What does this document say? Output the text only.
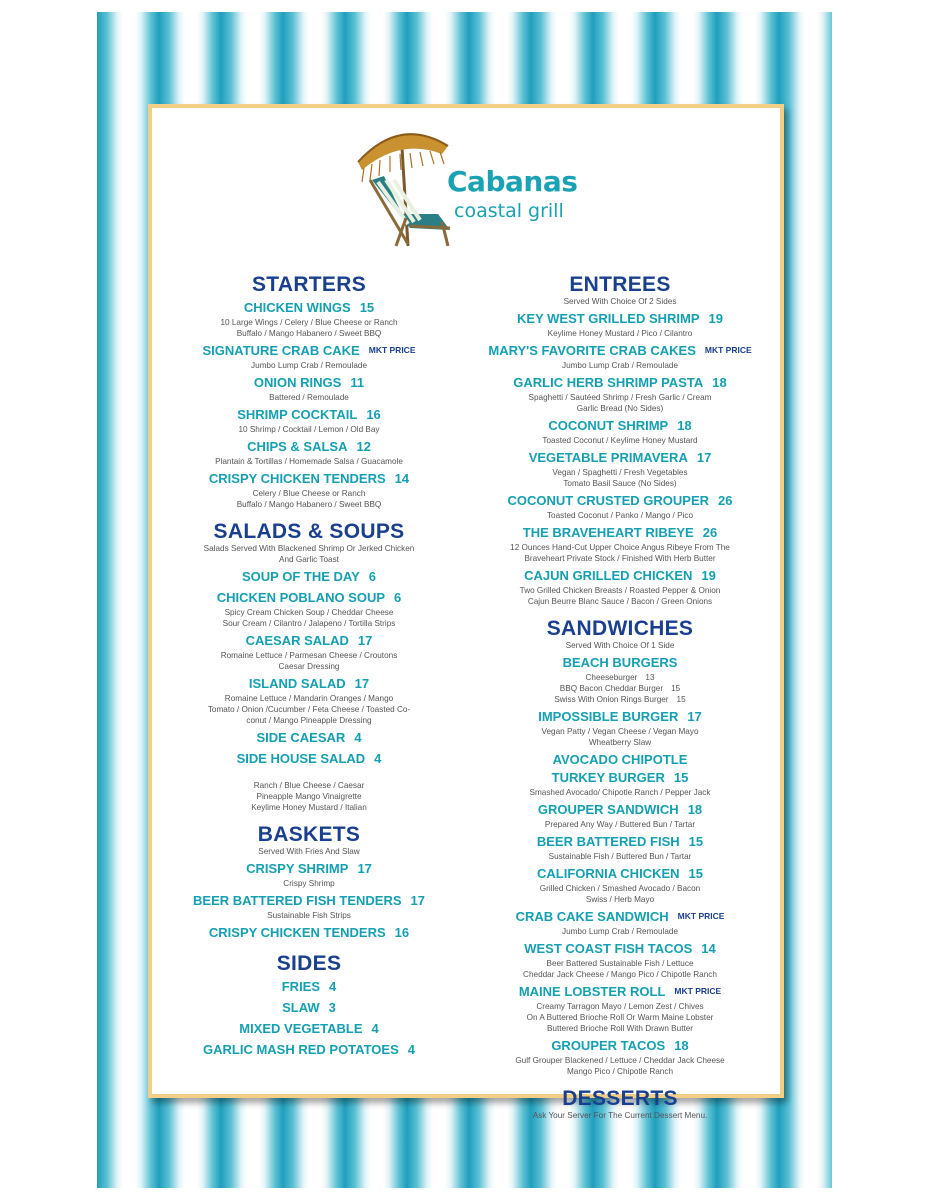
Cabanas
coastal grill
STARTERS
CHICKEN WINGS 15
10 Large Wings / Celery / Blue Cheese or Ranch
Buffalo / Mango Habanero / Sweet BBQ
SIGNATURE CRAB CAKE MKT PRICE
Jumbo Lump Crab / Remoulade
ONION RINGS 11
Battered / Remoulade
SHRIMP COCKTAIL 16
10 Shrimp / Cocktail / Lemon / Old Bay
CHIPS & SALSA 12
Plantain & Tortillas / Homemade Salsa / Guacamole
CRISPY CHICKEN TENDERS 14
Celery / Blue Cheese or Ranch
Buffalo / Mango Habanero / Sweet BBQ
SALADS & SOUPS
Salads Served With Blackened Shrimp Or Jerked Chicken
And Garlic Toast
SOUP OF THE DAY 6
CHICKEN POBLANO SOUP 6
Spicy Cream Chicken Soup / Cheddar Cheese
Sour Cream / Cilantro / Jalapeno / Tortilla Strips
CAESAR SALAD 17
Romaine Lettuce / Parmesan Cheese / Croutons
Caesar Dressing
ISLAND SALAD 17
Romaine Lettuce / Mandarin Oranges / Mango
Tomato / Onion /Cucumber / Feta Cheese / Toasted Co-
conut / Mango Pineapple Dressing
SIDE CAESAR 4
SIDE HOUSE SALAD 4
Ranch / Blue Cheese / Caesar
Pineapple Mango Vinaigrette
Keylime Honey Mustard / Italian
BASKETS
Served With Fries And Slaw
CRISPY SHRIMP 17
Crispy Shrimp
BEER BATTERED FISH TENDERS 17
Sustainable Fish Strips
CRISPY CHICKEN TENDERS 16
SIDES
FRIES 4
SLAW 3
MIXED VEGETABLE 4
GARLIC MASH RED POTATOES 4
ENTREES
Served With Choice Of 2 Sides
KEY WEST GRILLED SHRIMP 19
Keylime Honey Mustard / Pico / Cilantro
MARY'S FAVORITE CRAB CAKES MKT PRICE
Jumbo Lump Crab / Remoulade
GARLIC HERB SHRIMP PASTA 18
Spaghetti / Sautéed Shrimp / Fresh Garlic / Cream
Garlic Bread (No Sides)
COCONUT SHRIMP 18
Toasted Coconut / Keylime Honey Mustard
VEGETABLE PRIMAVERA 17
Vegan / Spaghetti / Fresh Vegetables
Tomato Basil Sauce (No Sides)
COCONUT CRUSTED GROUPER 26
Toasted Coconut / Panko / Mango / Pico
THE BRAVEHEART RIBEYE 26
12 Ounces Hand-Cut Upper Choice Angus Ribeye From The
Braveheart Private Stock / Finished With Herb Butter
CAJUN GRILLED CHICKEN 19
Two Grilled Chicken Breasts / Roasted Pepper & Onion
Cajun Beurre Blanc Sauce / Bacon / Green Onions
SANDWICHES
Served With Choice Of 1 Side
BEACH BURGERS
Cheeseburger 13
BBQ Bacon Cheddar Burger 15
Swiss With Onion Rings Burger 15
IMPOSSIBLE BURGER 17
Vegan Patty / Vegan Cheese / Vegan Mayo
Wheatberry Slaw
AVOCADO CHIPOTLE
TURKEY BURGER 15
Smashed Avocado/ Chipotle Ranch / Pepper Jack
GROUPER SANDWICH 18
Prepared Any Way / Buttered Bun / Tartar
BEER BATTERED FISH 15
Sustainable Fish / Buttered Bun / Tartar
CALIFORNIA CHICKEN 15
Grilled Chicken / Smashed Avocado / Bacon
Swiss / Herb Mayo
CRAB CAKE SANDWICH MKT PRICE
Jumbo Lump Crab / Remoulade
WEST COAST FISH TACOS 14
Beer Battered Sustainable Fish / Lettuce
Cheddar Jack Cheese / Mango Pico / Chipotle Ranch
MAINE LOBSTER ROLL MKT PRICE
Creamy Tarragon Mayo / Lemon Zest / Chives
On A Buttered Brioche Roll Or Warm Maine Lobster
Buttered Brioche Roll With Drawn Butter
GROUPER TACOS 18
Gulf Grouper Blackened / Lettuce / Cheddar Jack Cheese
Mango Pico / Chipotle Ranch
DESSERTS
Ask Your Server For The Current Dessert Menu.
